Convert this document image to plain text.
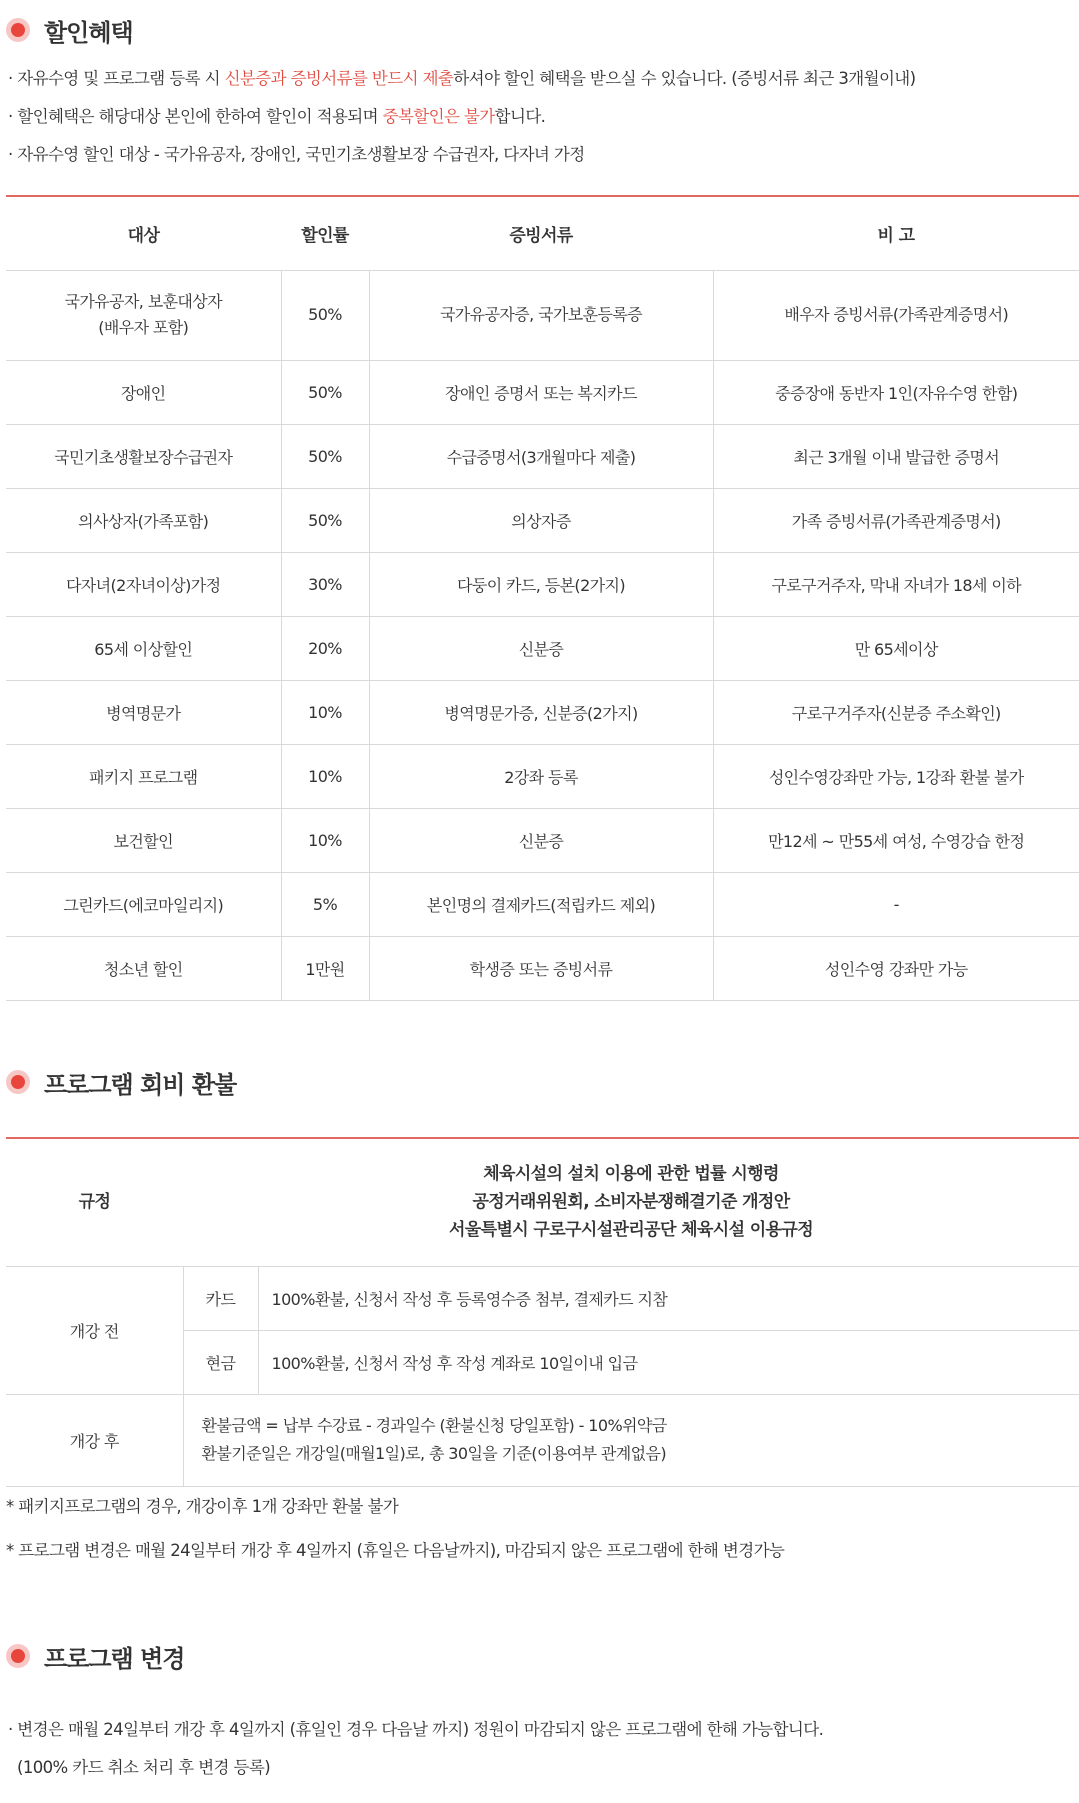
할인혜택
· 자유수영 및 프로그램 등록 시 신분증과 증빙서류를 반드시 제출하셔야 할인 혜택을 받으실 수 있습니다. (증빙서류 최근 3개월이내)
· 할인혜택은 해당대상 본인에 한하여 할인이 적용되며 중복할인은 불가합니다.
· 자유수영 할인 대상 - 국가유공자, 장애인, 국민기초생활보장 수급권자, 다자녀 가정
대상	할인률	증빙서류	비 고
국가유공자, 보훈대상자
(배우자 포함)	50%	국가유공자증, 국가보훈등록증	배우자 증빙서류(가족관계증명서)
장애인	50%	장애인 증명서 또는 복지카드	중증장애 동반자 1인(자유수영 한함)
국민기초생활보장수급권자	50%	수급증명서(3개월마다 제출)	최근 3개월 이내 발급한 증명서
의사상자(가족포함)	50%	의상자증	가족 증빙서류(가족관계증명서)
다자녀(2자녀이상)가정	30%	다둥이 카드, 등본(2가지)	구로구거주자, 막내 자녀가 18세 이하
65세 이상할인	20%	신분증	만 65세이상
병역명문가	10%	병역명문가증, 신분증(2가지)	구로구거주자(신분증 주소확인)
패키지 프로그램	10%	2강좌 등록	성인수영강좌만 가능, 1강좌 환불 불가
보건할인	10%	신분증	만12세 ~ 만55세 여성, 수영강습 한정
그린카드(에코마일리지)	5%	본인명의 결제카드(적립카드 제외)	-
청소년 할인	1만원	학생증 또는 증빙서류	성인수영 강좌만 가능
프로그램 회비 환불
규정	체육시설의 설치 이용에 관한 법률 시행령
공정거래위원회, 소비자분쟁해결기준 개정안
서울특별시 구로구시설관리공단 체육시설 이용규정	
개강 전	카드	100%환불, 신청서 작성 후 등록영수증 첨부, 결제카드 지참
	현금	100%환불, 신청서 작성 후 작성 계좌로 10일이내 입금
개강 후	환불금액 = 납부 수강료 - 경과일수 (환불신청 당일포함) - 10%위약금
환불기준일은 개강일(매월1일)로, 총 30일을 기준(이용여부 관계없음)	
* 패키지프로그램의 경우, 개강이후 1개 강좌만 환불 불가
* 프로그램 변경은 매월 24일부터 개강 후 4일까지 (휴일은 다음날까지), 마감되지 않은 프로그램에 한해 변경가능
프로그램 변경
· 변경은 매월 24일부터 개강 후 4일까지 (휴일인 경우 다음날 까지) 정원이 마감되지 않은 프로그램에 한해 가능합니다.
(100% 카드 취소 처리 후 변경 등록)
